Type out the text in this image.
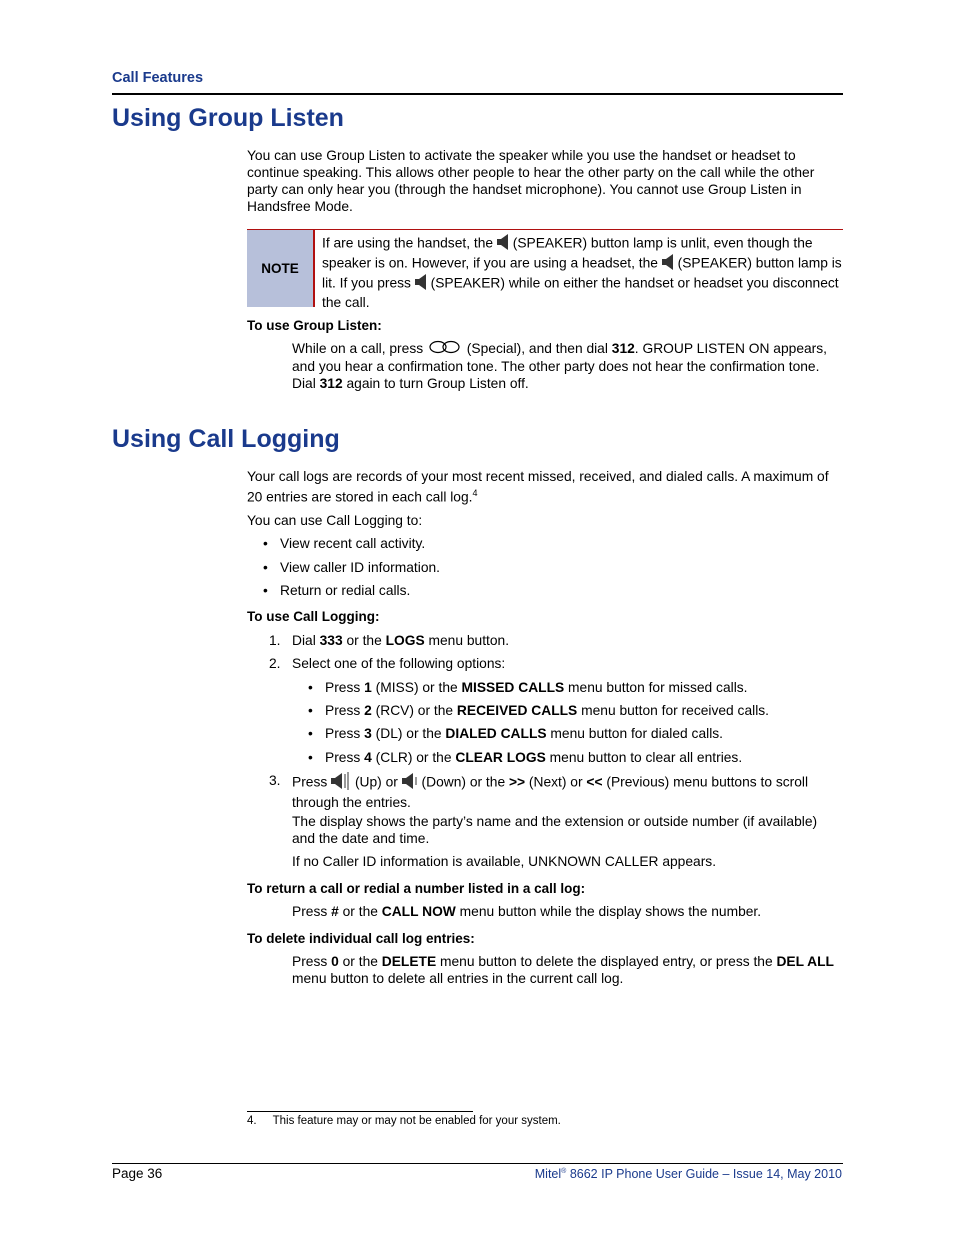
Call Features
Using Group Listen

You can use Group Listen to activate the speaker while you use the handset or headset to continue speaking. This allows other people to hear the other party on the call while the other party can only hear you (through the handset microphone). You cannot use Group Listen in Handsfree Mode.

NOTE
If are using the handset, the  (SPEAKER) button lamp is unlit, even though the speaker is on. However, if you are using a headset, the  (SPEAKER) button lamp is lit. If you press  (SPEAKER) while on either the handset or headset you disconnect the call.
To use Group Listen:

While on a call, press	(Special), and then dial 312. GROUP LISTEN ON appears, and you hear a confirmation tone. The other party does not hear the confirmation tone. Dial 312 again to turn Group Listen off.

Using Call Logging

Your call logs are records of your most recent missed, received, and dialed calls. A maximum of 20 entries are stored in each call log.$^4$

You can use Call Logging to:

• View recent call activity.
• View caller ID information.
• Return or redial calls.
To use Call Logging:
1. Dial 333 or the LOGS menu button.
2. Select one of the following options:
• Press 1 (MISS) or the MISSED CALLS menu button for missed calls.
• Press 2 (RCV) or the RECEIVED CALLS menu button for received calls.
• Press 3 (DL) or the DIALED CALLS menu button for dialed calls.
• Press 4 (CLR) or the CLEAR LOGS menu button to clear all entries.
3. Press  (Up) or  (Down) or the >> (Next) or << (Previous) menu buttons to scroll through the entries.

The display shows the party’s name and the extension or outside number (if available) and the date and time.

If no Caller ID information is available, UNKNOWN CALLER appears.

To return a call or redial a number listed in a call log:

Press # or the CALL NOW menu button while the display shows the number.

To delete individual call log entries:

Press 0 or the DELETE menu button to delete the displayed entry, or press the DEL ALL menu button to delete all entries in the current call log.

4. This feature may or may not be enabled for your system.
Page 36	Mitel® 8662 IP Phone User Guide – Issue 14, May 2010
